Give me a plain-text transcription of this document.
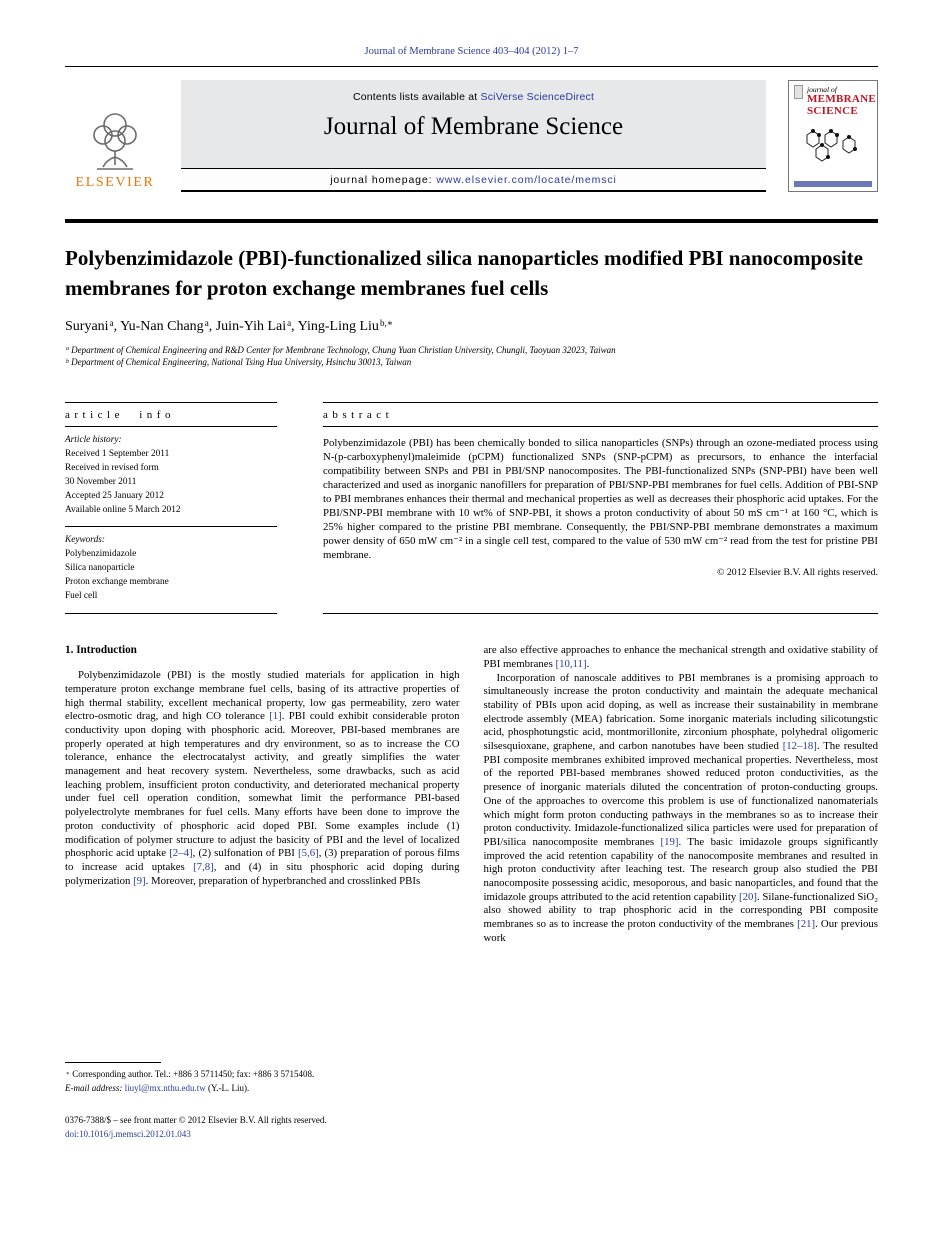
Journal of Membrane Science 403–404 (2012) 1–7
ELSEVIER
Contents lists available at SciVerse ScienceDirect
Journal of Membrane Science
journal homepage: www.elsevier.com/locate/memsci
journal of
MEMBRANE
SCIENCE
Polybenzimidazole (PBI)-functionalized silica nanoparticles modified PBI nanocomposite membranes for proton exchange membranes fuel cells
Suryani$^a$, Yu-Nan Chang$^a$, Juin-Yih Lai$^a$, Ying-Ling Liu$^{b,∗}$
$^a$ Department of Chemical Engineering and R&D Center for Membrane Technology, Chung Yuan Christian University, Chungli, Taoyuan 32023, Taiwan
$^b$ Department of Chemical Engineering, National Tsing Hua University, Hsinchu 30013, Taiwan
article info
Article history:
Received 1 September 2011
Received in revised form
30 November 2011
Accepted 25 January 2012
Available online 5 March 2012
Keywords:
Polybenzimidazole
Silica nanoparticle
Proton exchange membrane
Fuel cell
abstract

Polybenzimidazole (PBI) has been chemically bonded to silica nanoparticles (SNPs) through an ozone-mediated process using N-(p-carboxyphenyl)maleimide (pCPM) functionalized SNPs (SNP-pCPM) as precursors, to enhance the interfacial compatibility between SNPs and PBI in PBI/SNP nanocomposites. The PBI-functionalized SNPs (SNP-PBI) have been well characterized and used as inorganic nanofillers for preparation of PBI/SNP-PBI membranes for fuel cells. Addition of PBI-SNP to PBI membranes enhances their thermal and mechanical properties as well as decreases their phosphoric acid uptakes. For the PBI/SNP-PBI membrane with 10 wt% of SNP-PBI, it shows a proton conductivity of about 50 mS cm⁻¹ at 160 °C, which is 25% higher compared to the pristine PBI membrane. Consequently, the PBI/SNP-PBI membrane demonstrates a maximum power density of 650 mW cm⁻² in a single cell test, compared to the value of 530 mW cm⁻² read from the test for pristine PBI membrane.

© 2012 Elsevier B.V. All rights reserved.
1. Introduction

Polybenzimidazole (PBI) is the mostly studied materials for application in high temperature proton exchange membrane fuel cells, basing of its attractive properties of high thermal stability, excellent mechanical property, low gas permeability, zero water electro-osmotic drag, and high CO tolerance [1]. PBI could exhibit considerable proton conductivity upon doping with phosphoric acid. Moreover, PBI-based membranes are properly operated at high temperatures and dry environment, so as to increase the CO tolerance, enhance the electrocatalyst activity, and greatly simplifies the water management and heat recovery system. Nevertheless, some drawbacks, such as acid leaching problem, insufficient proton conductivity, and deteriorated mechanical property under fuel cell operation condition, somewhat limit the performance PBI-based polyelectrolyte membranes for fuel cells. Many efforts have been done to improve the proton conductivity of phosphoric acid doped PBI. Some examples include (1) modification of polymer structure to adjust the basicity of PBI and the level of localized phosphoric acid uptake [2–4], (2) sulfonation of PBI [5,6], (3) preparation of porous films to increase acid uptakes [7,8], and (4) in situ phosphoric acid doping during polymerization [9]. Moreover, preparation of hyperbranched and crosslinked PBIs

∗ Corresponding author. Tel.: +886 3 5711450; fax: +886 3 5715408.
E-mail address: liuyl@mx.nthu.edu.tw (Y.-L. Liu).

are also effective approaches to enhance the mechanical strength and oxidative stability of PBI membranes [10,11].

Incorporation of nanoscale additives to PBI membranes is a promising approach to simultaneously increase the proton conductivity and maintain the adequate mechanical stability of PBIs upon acid doping, as well as increase their sustainability in membrane electrode assembly (MEA) fabrication. Some inorganic materials including silicotungstic acid, phosphotungstic acid, montmorillonite, zirconium phosphate, polyhedral oligomeric silsesquioxane, graphene, and carbon nanotubes have been studied [12–18]. The resulted PBI composite membranes exhibited improved mechanical properties. Nevertheless, most of the reported PBI-based membranes showed reduced proton conductivities, as the presence of inorganic materials diluted the concentration of proton-conducting groups. One of the approaches to overcome this problem is use of functionalized nanomaterials which might form proton conducting pathways in the membranes so as to increase their proton conductivity. Imidazole-functionalized silica particles were used for preparation of PBI/silica nanocomposite membranes [19]. The basic imidazole groups significantly improved the acid retention capability of the nanocomposite membranes and resulted in high proton conductivity after leaching test. The research group also studied the PBI nanocomposite possessing acidic, mesoporous, and basic nanoparticles, and found that the imidazole groups attributed to the acid retention capability [20]. Silane-functionalized SiO₂ also showed ability to trap phosphoric acid in the corresponding PBI composite membranes so as to increase the proton conductivity of the membranes [21]. Our previous work

0376-7388/$ – see front matter © 2012 Elsevier B.V. All rights reserved.
doi:10.1016/j.memsci.2012.01.043
